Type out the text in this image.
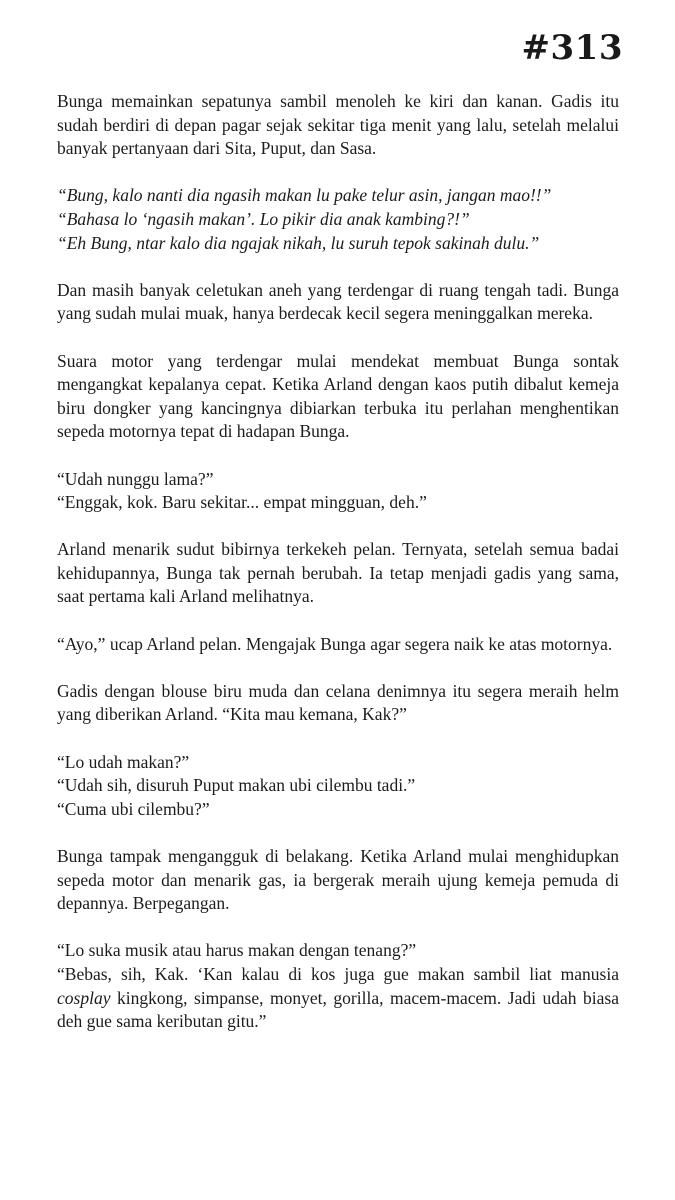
#313

Bunga memainkan sepatunya sambil menoleh ke kiri dan kanan. Gadis itu sudah berdiri di depan pagar sejak sekitar tiga menit yang lalu, setelah melalui banyak pertanyaan dari Sita, Puput, dan Sasa.

“Bung, kalo nanti dia ngasih makan lu pake telur asin, jangan mao!!”
“Bahasa lo ‘ngasih makan’. Lo pikir dia anak kambing?!”
“Eh Bung, ntar kalo dia ngajak nikah, lu suruh tepok sakinah dulu.”

Dan masih banyak celetukan aneh yang terdengar di ruang tengah tadi. Bunga yang sudah mulai muak, hanya berdecak kecil segera meninggalkan mereka.

Suara motor yang terdengar mulai mendekat membuat Bunga sontak mengangkat kepalanya cepat. Ketika Arland dengan kaos putih dibalut kemeja biru dongker yang kancingnya dibiarkan terbuka itu perlahan menghentikan sepeda motornya tepat di hadapan Bunga.

“Udah nunggu lama?”
“Enggak, kok. Baru sekitar... empat mingguan, deh.”

Arland menarik sudut bibirnya terkekeh pelan. Ternyata, setelah semua badai kehidupannya, Bunga tak pernah berubah. Ia tetap menjadi gadis yang sama, saat pertama kali Arland melihatnya.

“Ayo,” ucap Arland pelan. Mengajak Bunga agar segera naik ke atas motornya.

Gadis dengan blouse biru muda dan celana denimnya itu segera meraih helm yang diberikan Arland. “Kita mau kemana, Kak?”

“Lo udah makan?”
“Udah sih, disuruh Puput makan ubi cilembu tadi.”
“Cuma ubi cilembu?”

Bunga tampak mengangguk di belakang. Ketika Arland mulai menghidupkan sepeda motor dan menarik gas, ia bergerak meraih ujung kemeja pemuda di depannya. Berpegangan.

“Lo suka musik atau harus makan dengan tenang?”

“Bebas, sih, Kak. ‘Kan kalau di kos juga gue makan sambil liat manusia cosplay kingkong, simpanse, monyet, gorilla, macem-macem. Jadi udah biasa deh gue sama keributan gitu.”
